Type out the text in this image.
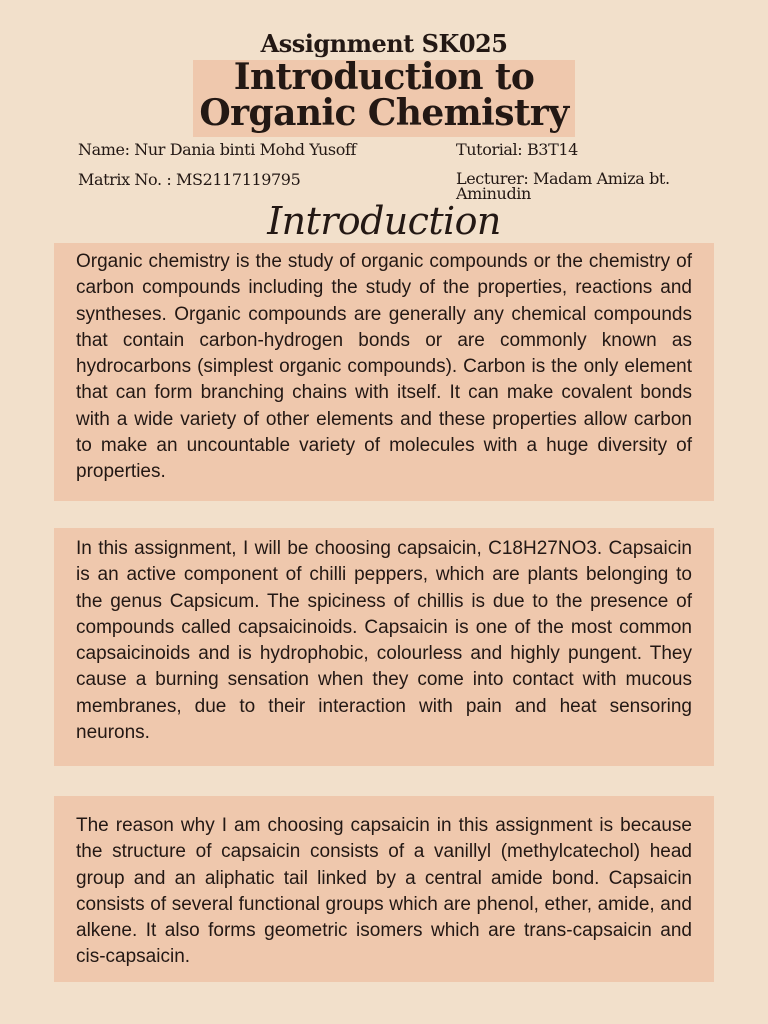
Assignment SK025
Introduction to
Organic Chemistry
Name: Nur Dania binti Mohd Yusoff
Matrix No. : MS2117119795
Tutorial: B3T14
Lecturer: Madam Amiza bt. Aminudin
Introduction

Organic chemistry is the study of organic compounds or the chemistry of carbon compounds including the study of the properties, reactions and syntheses. Organic compounds are generally any chemical compounds that contain carbon-hydrogen bonds or are commonly known as hydrocarbons (simplest organic compounds). Carbon is the only element that can form branching chains with itself. It can make covalent bonds with a wide variety of other elements and these properties allow carbon to make an uncountable variety of molecules with a huge diversity of properties.

In this assignment, I will be choosing capsaicin, C18H27NO3. Capsaicin is an active component of chilli peppers, which are plants belonging to the genus Capsicum. The spiciness of chillis is due to the presence of compounds called capsaicinoids. Capsaicin is one of the most common capsaicinoids and is hydrophobic, colourless and highly pungent. They cause a burning sensation when they come into contact with mucous membranes, due to their interaction with pain and heat sensoring neurons.

The reason why I am choosing capsaicin in this assignment is because the structure of capsaicin consists of a vanillyl (methylcatechol) head group and an aliphatic tail linked by a central amide bond. Capsaicin consists of several functional groups which are phenol, ether, amide, and alkene. It also forms geometric isomers which are trans-capsaicin and cis-capsaicin.
